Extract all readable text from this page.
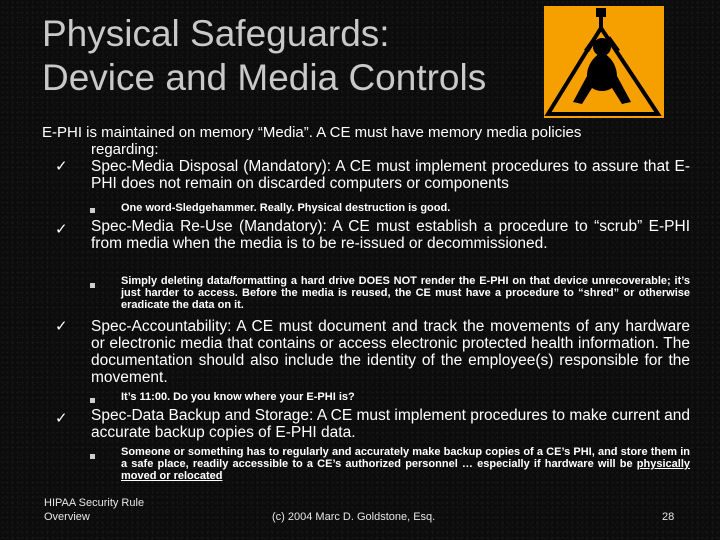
Physical Safeguards:
Device and Media Controls
E-PHI is maintained on memory “Media”. A CE must have memory media policies
regarding:
✓ Spec-Media Disposal (Mandatory): A CE must implement procedures to assure that E-PHI does not remain on discarded computers or components
One word-Sledgehammer. Really. Physical destruction is good.
✓ Spec-Media Re-Use (Mandatory): A CE must establish a procedure to “scrub” E-PHI from media when the media is to be re-issued or decommissioned.
Simply deleting data/formatting a hard drive DOES NOT render the E-PHI on that device unrecoverable; it’s just harder to access. Before the media is reused, the CE must have a procedure to “shred” or otherwise eradicate the data on it.
✓ Spec-Accountability: A CE must document and track the movements of any hardware or electronic media that contains or access electronic protected health information. The documentation should also include the identity of the employee(s) responsible for the movement.
It’s 11:00. Do you know where your E-PHI is?
✓ Spec-Data Backup and Storage: A CE must implement procedures to make current and accurate backup copies of E-PHI data.
Someone or something has to regularly and accurately make backup copies of a CE’s PHI, and store them in a safe place, readily accessible to a CE’s authorized personnel … especially if hardware will be physically moved or relocated
HIPAA Security Rule
Overview	(c) 2004 Marc D. Goldstone, Esq.	28
